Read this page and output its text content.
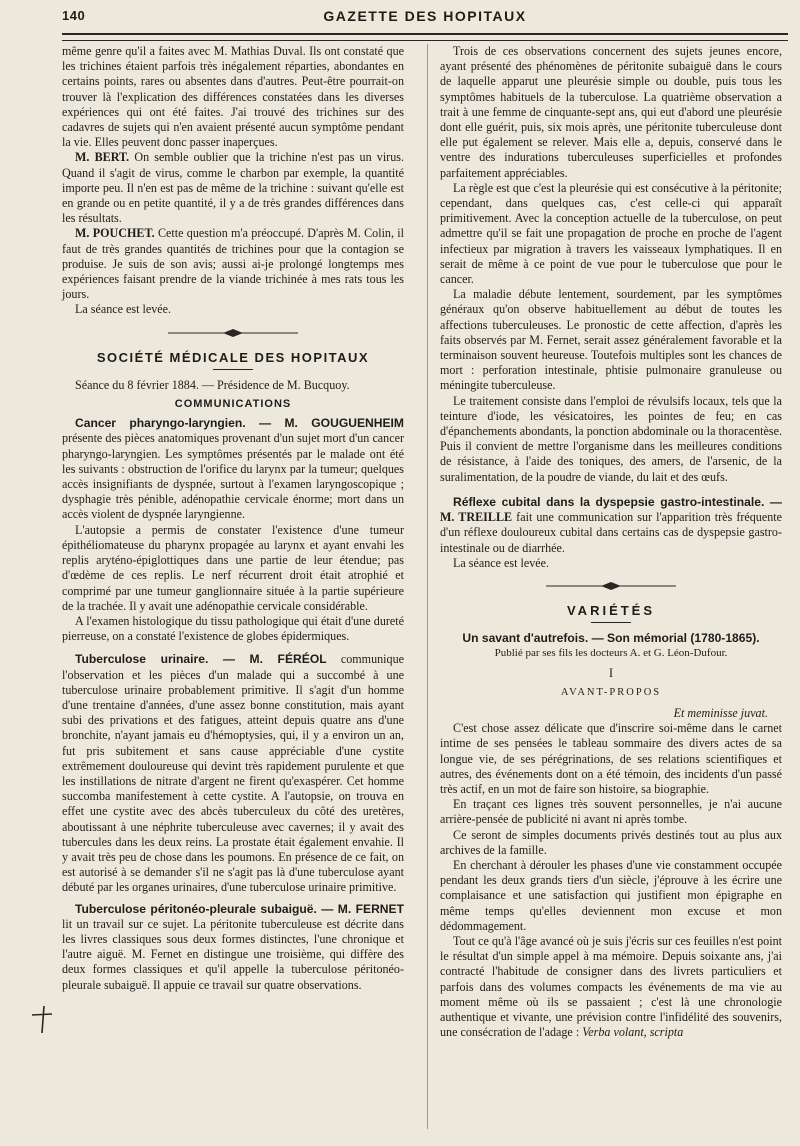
140	GAZETTE DES HOPITAUX

même genre qu'il a faites avec M. Mathias Duval. Ils ont constaté que les trichines étaient parfois très inégalement réparties, abondantes en certains points, rares ou absentes dans d'autres. Peut-être pourrait-on trouver là l'explication des différences constatées dans les diverses expériences qui ont été faites. J'ai trouvé des trichines sur des cadavres de sujets qui n'en avaient présenté aucun symptôme pendant la vie. Elles peuvent donc passer inaperçues.

M. BERT. On semble oublier que la trichine n'est pas un virus. Quand il s'agit de virus, comme le charbon par exemple, la quantité importe peu. Il n'en est pas de même de la trichine : suivant qu'elle est en grande ou en petite quantité, il y a de très grandes différences dans les résultats.

M. POUCHET. Cette question m'a préoccupé. D'après M. Colin, il faut de très grandes quantités de trichines pour que la contagion se produise. Je suis de son avis; aussi ai-je prolongé longtemps mes expériences faisant prendre de la viande trichinée à mes rats tous les jours.

La séance est levée.

SOCIÉTÉ MÉDICALE DES HOPITAUX

Séance du 8 février 1884. — Présidence de M. Bucquoy.

COMMUNICATIONS

Cancer pharyngo-laryngien. — M. GOUGUENHEIM présente des pièces anatomiques provenant d'un sujet mort d'un cancer pharyngo-laryngien. Les symptômes présentés par le malade ont été les suivants : obstruction de l'orifice du larynx par la tumeur; quelques accès insignifiants de dyspnée, surtout à l'examen laryngoscopique ; dysphagie très pénible, adénopathie cervicale énorme; mort dans un accès violent de dyspnée laryngienne.

L'autopsie a permis de constater l'existence d'une tumeur épithéliomateuse du pharynx propagée au larynx et ayant envahi les replis aryténo-épiglottiques dans une partie de leur étendue; pas d'œdème de ces replis. Le nerf récurrent droit était atrophié et comprimé par une tumeur ganglionnaire située à la partie supérieure de la trachée. Il y avait une adénopathie cervicale considérable.

A l'examen histologique du tissu pathologique qui était d'une dureté pierreuse, on a constaté l'existence de globes épidermiques.

Tuberculose urinaire. — M. FÉRÉOL communique l'observation et les pièces d'un malade qui a succombé à une tuberculose urinaire probablement primitive. Il s'agit d'un homme d'une trentaine d'années, d'une assez bonne constitution, mais ayant subi des privations et des fatigues, atteint depuis quatre ans d'une bronchite, n'ayant jamais eu d'hémoptysies, qui, il y a environ un an, fut pris subitement et sans cause appréciable d'une cystite extrêmement douloureuse qui devint très rapidement purulente et que les instillations de nitrate d'argent ne firent qu'exaspérer. Cet homme succomba manifestement à cette cystite. A l'autopsie, on trouva en effet une cystite avec des abcès tuberculeux du côté des uretères, aboutissant à une néphrite tuberculeuse avec cavernes; il y avait des tubercules dans les deux reins. La prostate était également envahie. Il y avait très peu de chose dans les poumons. En présence de ce fait, on est autorisé à se demander s'il ne s'agit pas là d'une tuberculose ayant débuté par les organes urinaires, d'une tuberculose urinaire primitive.

Tuberculose péritonéo-pleurale subaiguë. — M. FERNET lit un travail sur ce sujet. La péritonite tuberculeuse est décrite dans les livres classiques sous deux formes distinctes, l'une chronique et l'autre aiguë. M. Fernet en distingue une troisième, qui diffère des deux formes classiques et qu'il appelle la tuberculose péritonéo-pleurale subaiguë. Il appuie ce travail sur quatre observations.

Trois de ces observations concernent des sujets jeunes encore, ayant présenté des phénomènes de péritonite subaiguë dans le cours de laquelle apparut une pleurésie simple ou double, puis tous les symptômes habituels de la tuberculose. La quatrième observation a trait à une femme de cinquante-sept ans, qui eut d'abord une pleurésie dont elle guérit, puis, six mois après, une péritonite tuberculeuse dont elle put également se relever. Mais elle a, depuis, conservé dans le ventre des indurations tuberculeuses superficielles et profondes parfaitement appréciables.

La règle est que c'est la pleurésie qui est consécutive à la péritonite; cependant, dans quelques cas, c'est celle-ci qui apparaît primitivement. Avec la conception actuelle de la tuberculose, on peut admettre qu'il se fait une propagation de proche en proche de l'agent infectieux par migration à travers les vaisseaux lymphatiques. Il en serait de même à ce point de vue pour le tuberculose que pour le cancer.

La maladie débute lentement, sourdement, par les symptômes généraux qu'on observe habituellement au début de toutes les affections tuberculeuses. Le pronostic de cette affection, d'après les faits observés par M. Fernet, serait assez généralement favorable et la terminaison souvent heureuse. Toutefois multiples sont les chances de mort : perforation intestinale, phtisie pulmonaire granuleuse ou méningite tuberculeuse.

Le traitement consiste dans l'emploi de révulsifs locaux, tels que la teinture d'iode, les vésicatoires, les pointes de feu; en cas d'épanchements abondants, la ponction abdominale ou la thoracentèse. Puis il convient de mettre l'organisme dans les meilleures conditions de résistance, à l'aide des toniques, des amers, de l'arsenic, de la suralimentation, de la poudre de viande, du lait et des œufs.

Réflexe cubital dans la dyspepsie gastro-intestinale. — M. TREILLE fait une communication sur l'apparition très fréquente d'un réflexe douloureux cubital dans certains cas de dyspepsie gastro-intestinale ou de diarrhée.

La séance est levée.

VARIÉTÉS

Un savant d'autrefois. — Son mémorial (1780-1865).

Publié par ses fils les docteurs A. et G. Léon-Dufour.

I

AVANT-PROPOS

Et meminisse juvat.

C'est chose assez délicate que d'inscrire soi-même dans le carnet intime de ses pensées le tableau sommaire des divers actes de sa longue vie, de ses pérégrinations, de ses relations scientifiques et autres, des événements dont on a été témoin, des incidents d'un passé très actif, en un mot de faire son histoire, sa biographie.

En traçant ces lignes très souvent personnelles, je n'ai aucune arrière-pensée de publicité ni avant ni après tombe.

Ce seront de simples documents privés destinés tout au plus aux archives de la famille.

En cherchant à dérouler les phases d'une vie constamment occupée pendant les deux grands tiers d'un siècle, j'éprouve à les écrire une complaisance et une satisfaction qui justifient mon épigraphe en même temps qu'elles deviennent mon excuse et mon dédommagement.

Tout ce qu'à l'âge avancé où je suis j'écris sur ces feuilles n'est point le résultat d'un simple appel à ma mémoire. Depuis soixante ans, j'ai contracté l'habitude de consigner dans des livrets particuliers et parfois dans des volumes compacts les événements de ma vie au moment même où ils se passaient ; c'est là une chronologie authentique et vivante, une prévision contre l'infidélité des souvenirs, une consécration de l'adage : Verba volant, scripta
